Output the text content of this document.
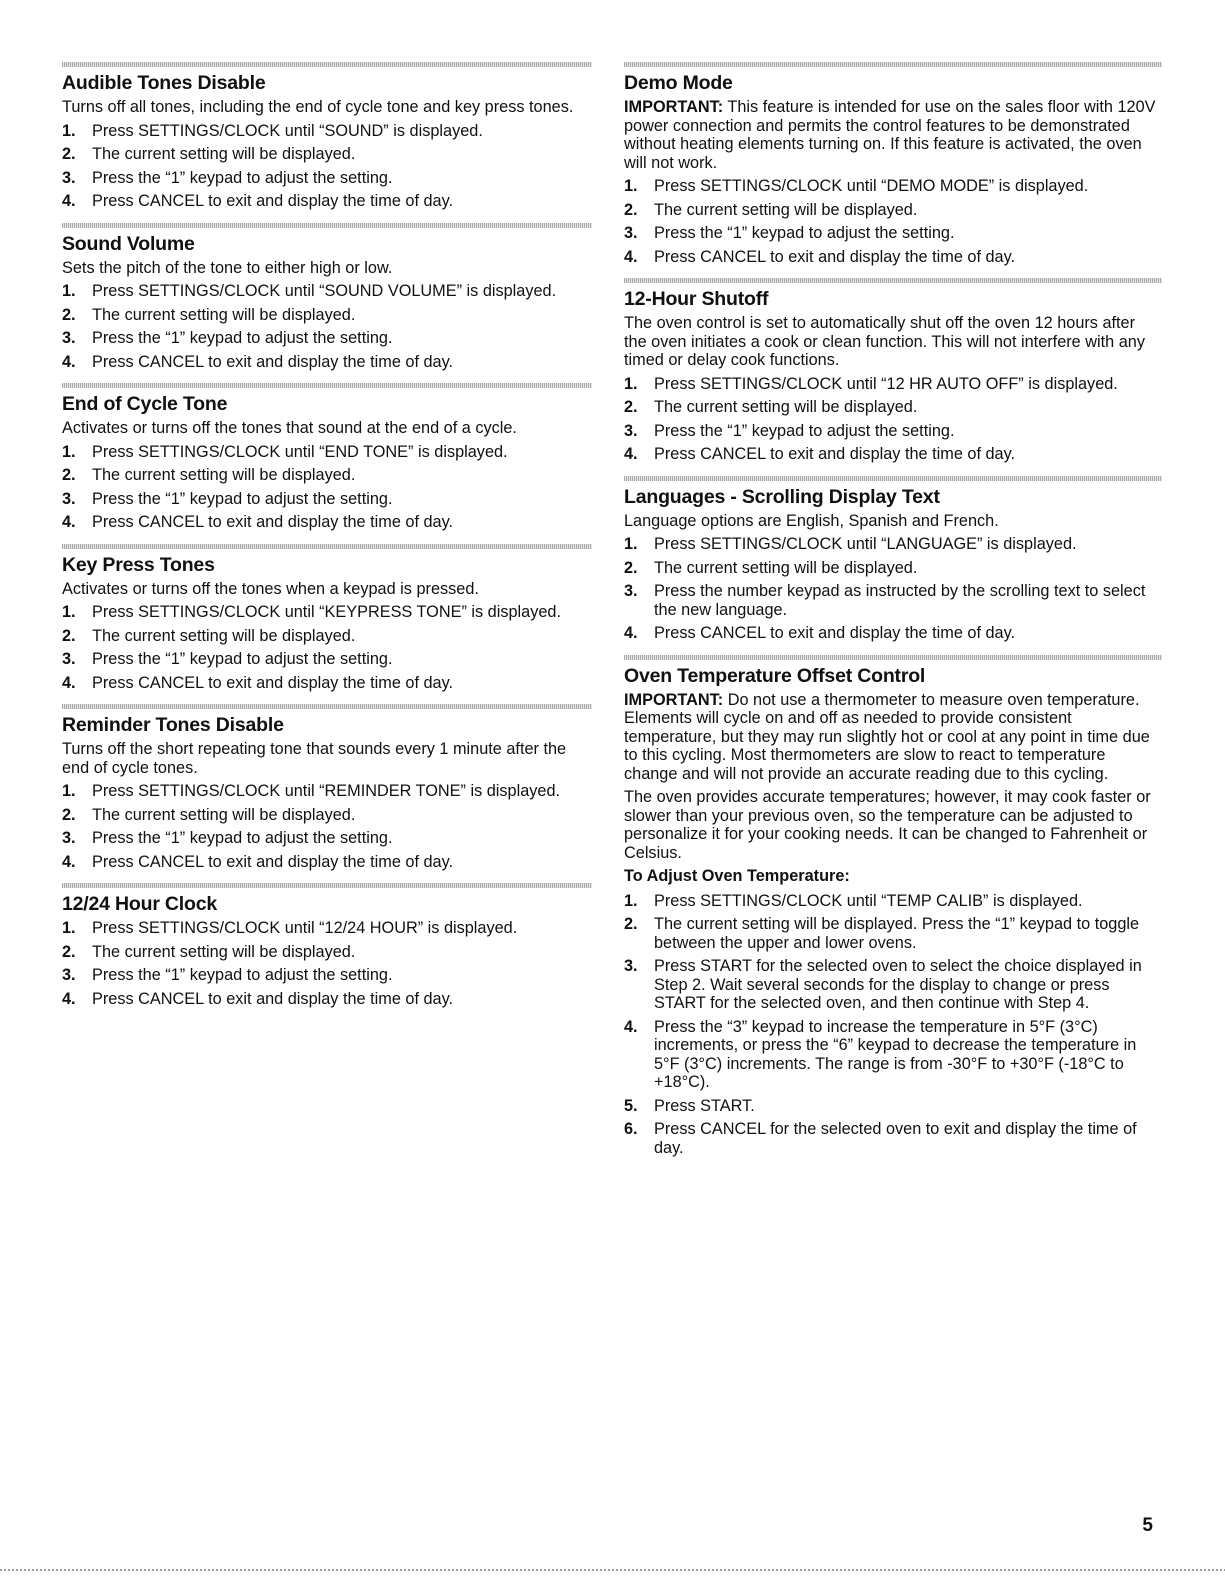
Audible Tones Disable

Turns off all tones, including the end of cycle tone and key press tones.

1. Press SETTINGS/CLOCK until “SOUND” is displayed.
2. The current setting will be displayed.
3. Press the “1” keypad to adjust the setting.
4. Press CANCEL to exit and display the time of day.
Sound Volume

Sets the pitch of the tone to either high or low.

1. Press SETTINGS/CLOCK until “SOUND VOLUME” is displayed.
2. The current setting will be displayed.
3. Press the “1” keypad to adjust the setting.
4. Press CANCEL to exit and display the time of day.
End of Cycle Tone

Activates or turns off the tones that sound at the end of a cycle.

1. Press SETTINGS/CLOCK until “END TONE” is displayed.
2. The current setting will be displayed.
3. Press the “1” keypad to adjust the setting.
4. Press CANCEL to exit and display the time of day.
Key Press Tones

Activates or turns off the tones when a keypad is pressed.

1. Press SETTINGS/CLOCK until “KEYPRESS TONE” is displayed.
2. The current setting will be displayed.
3. Press the “1” keypad to adjust the setting.
4. Press CANCEL to exit and display the time of day.
Reminder Tones Disable

Turns off the short repeating tone that sounds every 1 minute after the end of cycle tones.

1. Press SETTINGS/CLOCK until “REMINDER TONE” is displayed.
2. The current setting will be displayed.
3. Press the “1” keypad to adjust the setting.
4. Press CANCEL to exit and display the time of day.
12/24 Hour Clock
1. Press SETTINGS/CLOCK until “12/24 HOUR” is displayed.
2. The current setting will be displayed.
3. Press the “1” keypad to adjust the setting.
4. Press CANCEL to exit and display the time of day.
Demo Mode

IMPORTANT: This feature is intended for use on the sales floor with 120V power connection and permits the control features to be demonstrated without heating elements turning on. If this feature is activated, the oven will not work.

1. Press SETTINGS/CLOCK until “DEMO MODE” is displayed.
2. The current setting will be displayed.
3. Press the “1” keypad to adjust the setting.
4. Press CANCEL to exit and display the time of day.
12-Hour Shutoff

The oven control is set to automatically shut off the oven 12 hours after the oven initiates a cook or clean function. This will not interfere with any timed or delay cook functions.

1. Press SETTINGS/CLOCK until “12 HR AUTO OFF” is displayed.
2. The current setting will be displayed.
3. Press the “1” keypad to adjust the setting.
4. Press CANCEL to exit and display the time of day.
Languages - Scrolling Display Text

Language options are English, Spanish and French.

1. Press SETTINGS/CLOCK until “LANGUAGE” is displayed.
2. The current setting will be displayed.
3. Press the number keypad as instructed by the scrolling text to select the new language.
4. Press CANCEL to exit and display the time of day.
Oven Temperature Offset Control

IMPORTANT: Do not use a thermometer to measure oven temperature. Elements will cycle on and off as needed to provide consistent temperature, but they may run slightly hot or cool at any point in time due to this cycling. Most thermometers are slow to react to temperature change and will not provide an accurate reading due to this cycling.

The oven provides accurate temperatures; however, it may cook faster or slower than your previous oven, so the temperature can be adjusted to personalize it for your cooking needs. It can be changed to Fahrenheit or Celsius.

To Adjust Oven Temperature:

1. Press SETTINGS/CLOCK until “TEMP CALIB” is displayed.
2. The current setting will be displayed. Press the “1” keypad to toggle between the upper and lower ovens.
3. Press START for the selected oven to select the choice displayed in Step 2. Wait several seconds for the display to change or press START for the selected oven, and then continue with Step 4.
4. Press the “3” keypad to increase the temperature in 5°F (3°C) increments, or press the “6” keypad to decrease the temperature in 5°F (3°C) increments. The range is from -30°F to +30°F (-18°C to +18°C).
5. Press START.
6. Press CANCEL for the selected oven to exit and display the time of day.
5
